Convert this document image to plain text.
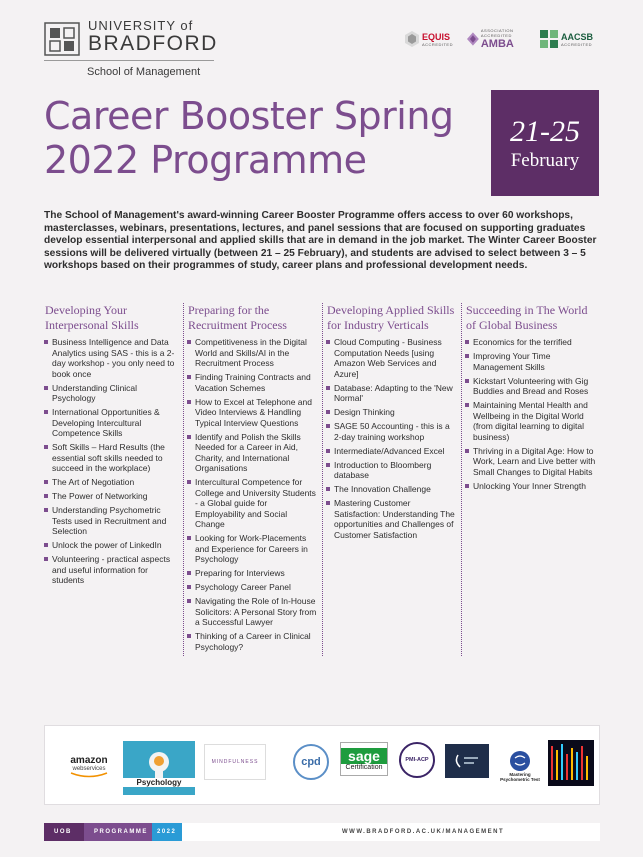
UNIVERSITY of
BRADFORD
School of Management
EQUIS
ACCREDITED
ASSOCIATION ACCREDITED
AMBA
AACSB
ACCREDITED
Career Booster Spring
2022 Programme
21-25
February

The School of Management's award-winning Career Booster Programme offers access to over 60 workshops, masterclasses, webinars, presentations, lectures, and panel sessions that are focused on supporting graduates develop essential interpersonal and applied skills that are in demand in the job market. The Winter Career Booster sessions will be delivered virtually (between 21 – 25 February), and students are advised to select between 3 – 5 workshops based on their programmes of study, career plans and professional development needs.

Developing Your Interpersonal Skills
Business Intelligence and Data Analytics using SAS - this is a 2-day workshop - you only need to book once
Understanding Clinical Psychology
International Opportunities & Developing Intercultural Competence Skills
Soft Skills – Hard Results (the essential soft skills needed to succeed in the workplace)
The Art of Negotiation
The Power of Networking
Understanding Psychometric Tests used in Recruitment and Selection
Unlock the power of LinkedIn
Volunteering - practical aspects and useful information for students
Preparing for the Recruitment Process
Competitiveness in the Digital World and Skills/AI in the Recruitment Process
Finding Training Contracts and Vacation Schemes
How to Excel at Telephone and Video Interviews & Handling Typical Interview Questions
Identify and Polish the Skills Needed for a Career in Aid, Charity, and International Organisations
Intercultural Competence for College and University Students - a Global guide for Employability and Social Change
Looking for Work-Placements and Experience for Careers in Psychology
Preparing for Interviews
Psychology Career Panel
Navigating the Role of In-House Solicitors: A Personal Story from a Successful Lawyer
Thinking of a Career in Clinical Psychology?
Developing Applied Skills for Industry Verticals
Cloud Computing - Business Computation Needs [using Amazon Web Services and Azure]
Database: Adapting to the 'New Normal'
Design Thinking
SAGE 50 Accounting - this is a 2-day training workshop
Intermediate/Advanced Excel
Introduction to Bloomberg database
The Innovation Challenge
Mastering Customer Satisfaction: Understanding The opportunities and Challenges of Customer Satisfaction
Succeeding in The World of Global Business
Economics for the terrified
Improving Your Time Management Skills
Kickstart Volunteering with Gig Buddies and Bread and Roses
Maintaining Mental Health and Wellbeing in the Digital World (from digital learning to digital business)
Thriving in a Digital Age: How to Work, Learn and Live better with Small Changes to Digital Habits
Unlocking Your Inner Strength
amazon
webservices
Psychology
MINDFULNESS	cpd	sage
Certification
PMI-ACP
Mastering Psychometric Test
UOB	PROGRAMME	2022	WWW.BRADFORD.AC.UK/MANAGEMENT
